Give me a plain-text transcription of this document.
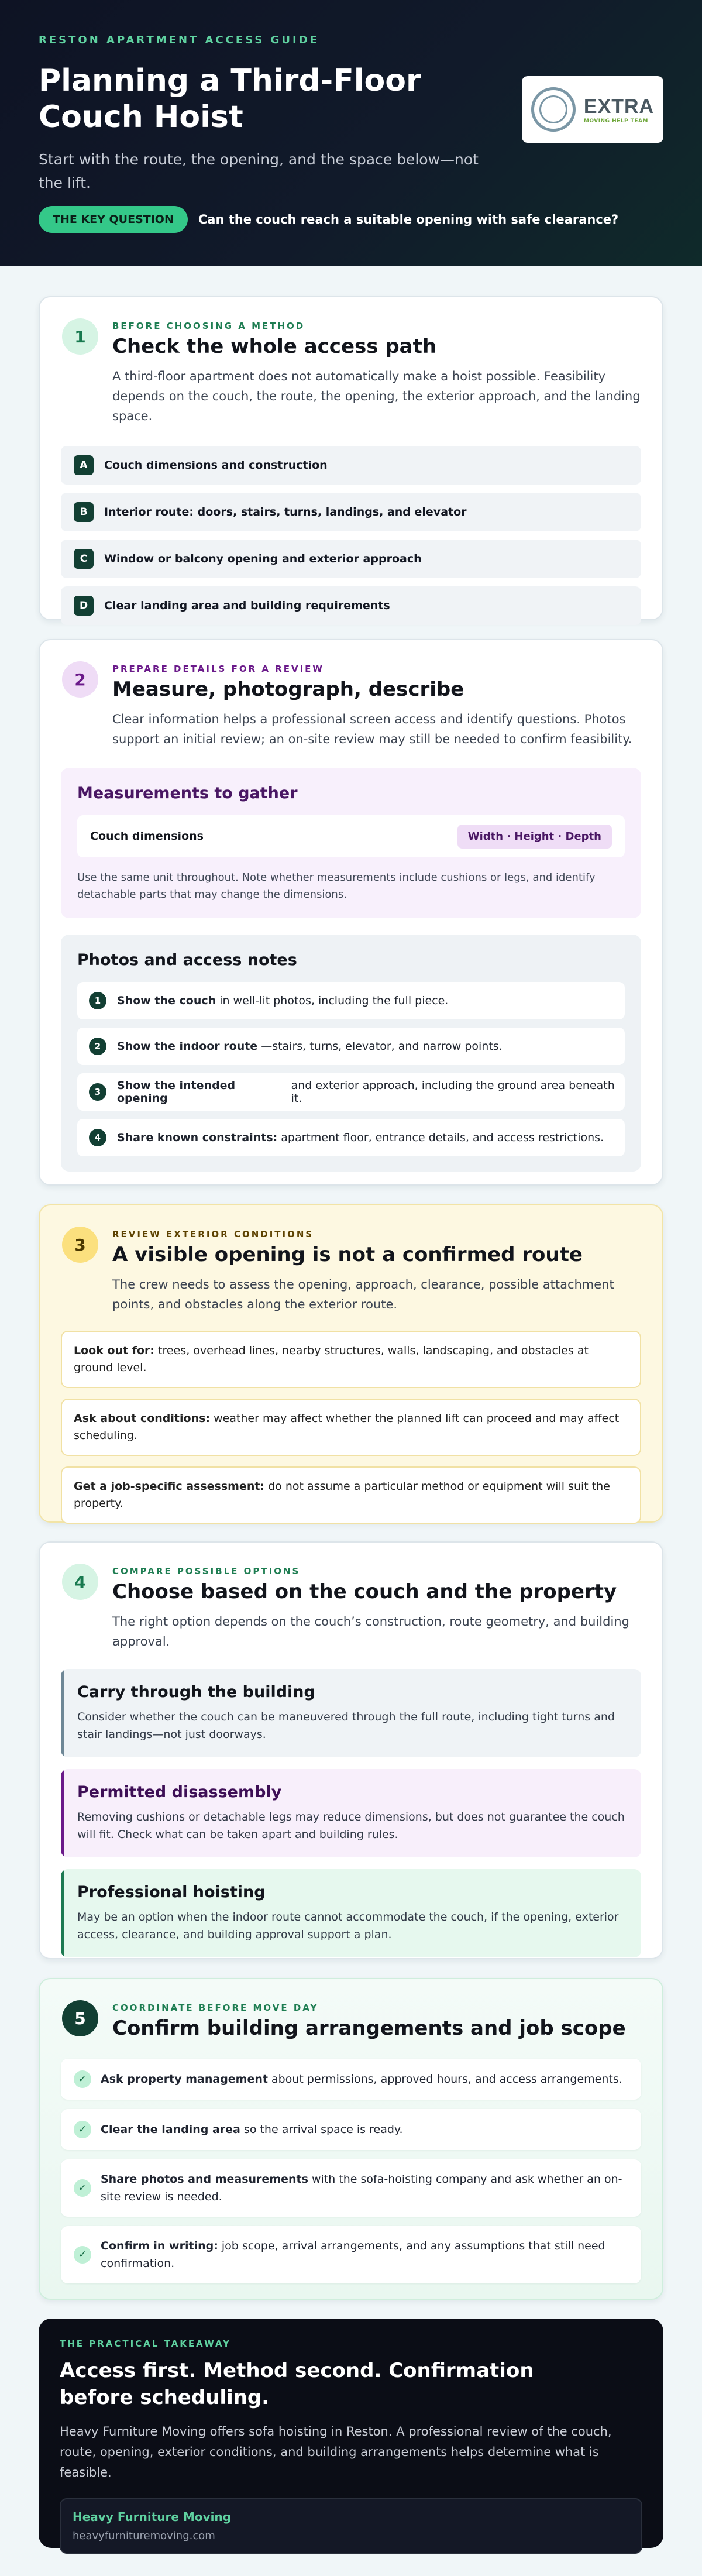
RESTON APARTMENT ACCESS GUIDE
Planning a Third-Floor Couch Hoist
Start with the route, the opening, and the space below—not the lift.
EXTRA
MOVING HELP TEAM
THE KEY QUESTION	Can the couch reach a suitable opening with safe clearance?
1
BEFORE CHOOSING A METHOD
Check the whole access path

A third-floor apartment does not automatically make a hoist possible. Feasibility depends on the couch, the route, the opening, the exterior approach, and the landing space.

A	Couch dimensions and construction
B	Interior route: doors, stairs, turns, landings, and elevator
C	Window or balcony opening and exterior approach
D	Clear landing area and building requirements
2
PREPARE DETAILS FOR A REVIEW
Measure, photograph, describe

Clear information helps a professional screen access and identify questions. Photos support an initial review; an on-site review may still be needed to confirm feasibility.

Measurements to gather
Couch dimensions	Width · Height · Depth

Use the same unit throughout. Note whether measurements include cushions or legs, and identify detachable parts that may change the dimensions.

Photos and access notes
1	Show the couch in well-lit photos, including the full piece.
2	Show the indoor route —stairs, turns, elevator, and narrow points.
3	Show the intended opening
and exterior approach, including the ground area beneath it.
4	Share known constraints: apartment floor, entrance details, and access restrictions.
3
REVIEW EXTERIOR CONDITIONS
A visible opening is not a confirmed route

The crew needs to assess the opening, approach, clearance, possible attachment points, and obstacles along the exterior route.

Look out for: trees, overhead lines, nearby structures, walls, landscaping, and obstacles at ground level.
Ask about conditions: weather may affect whether the planned lift can proceed and may affect scheduling.
Get a job-specific assessment: do not assume a particular method or equipment will suit the property.
4
COMPARE POSSIBLE OPTIONS
Choose based on the couch and the property

The right option depends on the couch’s construction, route geometry, and building approval.

Carry through the building

Consider whether the couch can be maneuvered through the full route, including tight turns and stair landings—not just doorways.

Permitted disassembly

Removing cushions or detachable legs may reduce dimensions, but does not guarantee the couch will fit. Check what can be taken apart and building rules.

Professional hoisting

May be an option when the indoor route cannot accommodate the couch, if the opening, exterior access, clearance, and building approval support a plan.

5
COORDINATE BEFORE MOVE DAY
Confirm building arrangements and job scope
✓	Ask property management about permissions, approved hours, and access arrangements.
✓	Clear the landing area so the arrival space is ready.
✓
Share photos and measurements with the sofa-hoisting company and ask whether an on-site review is needed.
✓
Confirm in writing: job scope, arrival arrangements, and any assumptions that still need confirmation.
THE PRACTICAL TAKEAWAY
Access first. Method second. Confirmation before scheduling.

Heavy Furniture Moving offers sofa hoisting in Reston. A professional review of the couch, route, opening, exterior conditions, and building arrangements helps determine what is feasible.

Heavy Furniture Moving
heavyfurnituremoving.com
